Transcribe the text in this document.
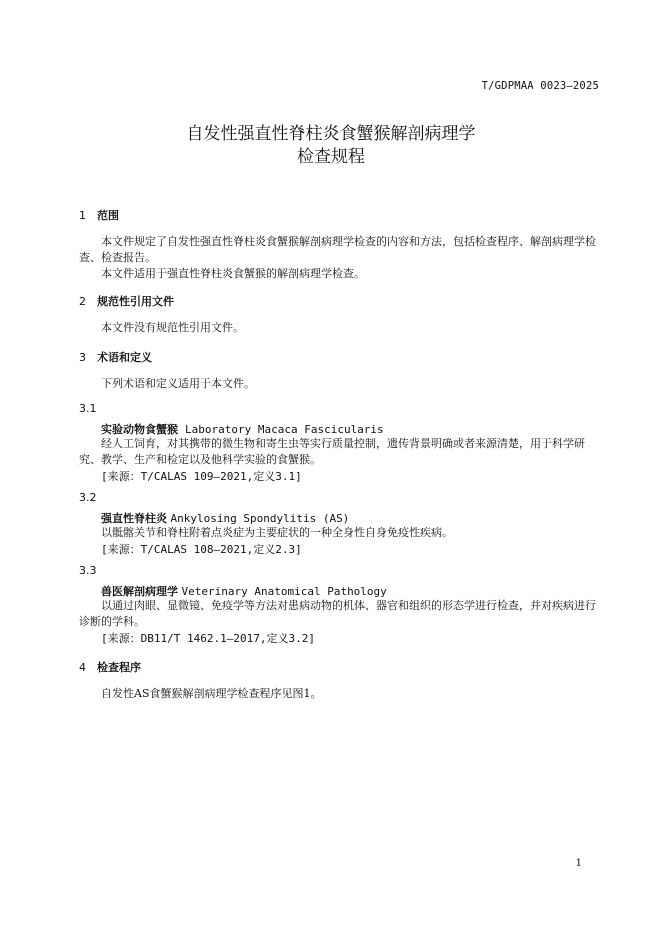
T/GDPMAA 0023—2025
自发性强直性脊柱炎食蟹猴解剖病理学
检查规程
1 范围
本文件规定了自发性强直性脊柱炎食蟹猴解剖病理学检查的内容和方法，包括检查程序、解剖病理学检查、检查报告。
本文件适用于强直性脊柱炎食蟹猴的解剖病理学检查。
2 规范性引用文件
本文件没有规范性引用文件。
3 术语和定义
下列术语和定义适用于本文件。
3.1
实验动物食蟹猴 Laboratory Macaca Fascicularis
经人工饲育，对其携带的微生物和寄生虫等实行质量控制，遗传背景明确或者来源清楚，用于科学研究、教学、生产和检定以及他科学实验的食蟹猴。
[来源：T/CALAS 109—2021,定义3.1]
3.2
强直性脊柱炎 Ankylosing Spondylitis (AS)
以骶髂关节和脊柱附着点炎症为主要症状的一种全身性自身免疫性疾病。
[来源：T/CALAS 108—2021,定义2.3]
3.3
兽医解剖病理学 Veterinary Anatomical Pathology
以通过肉眼、显微镜、免疫学等方法对患病动物的机体、器官和组织的形态学进行检查，并对疾病进行诊断的学科。
[来源：DB11/T 1462.1—2017,定义3.2]
4 检查程序
自发性AS食蟹猴解剖病理学检查程序见图1。
1
